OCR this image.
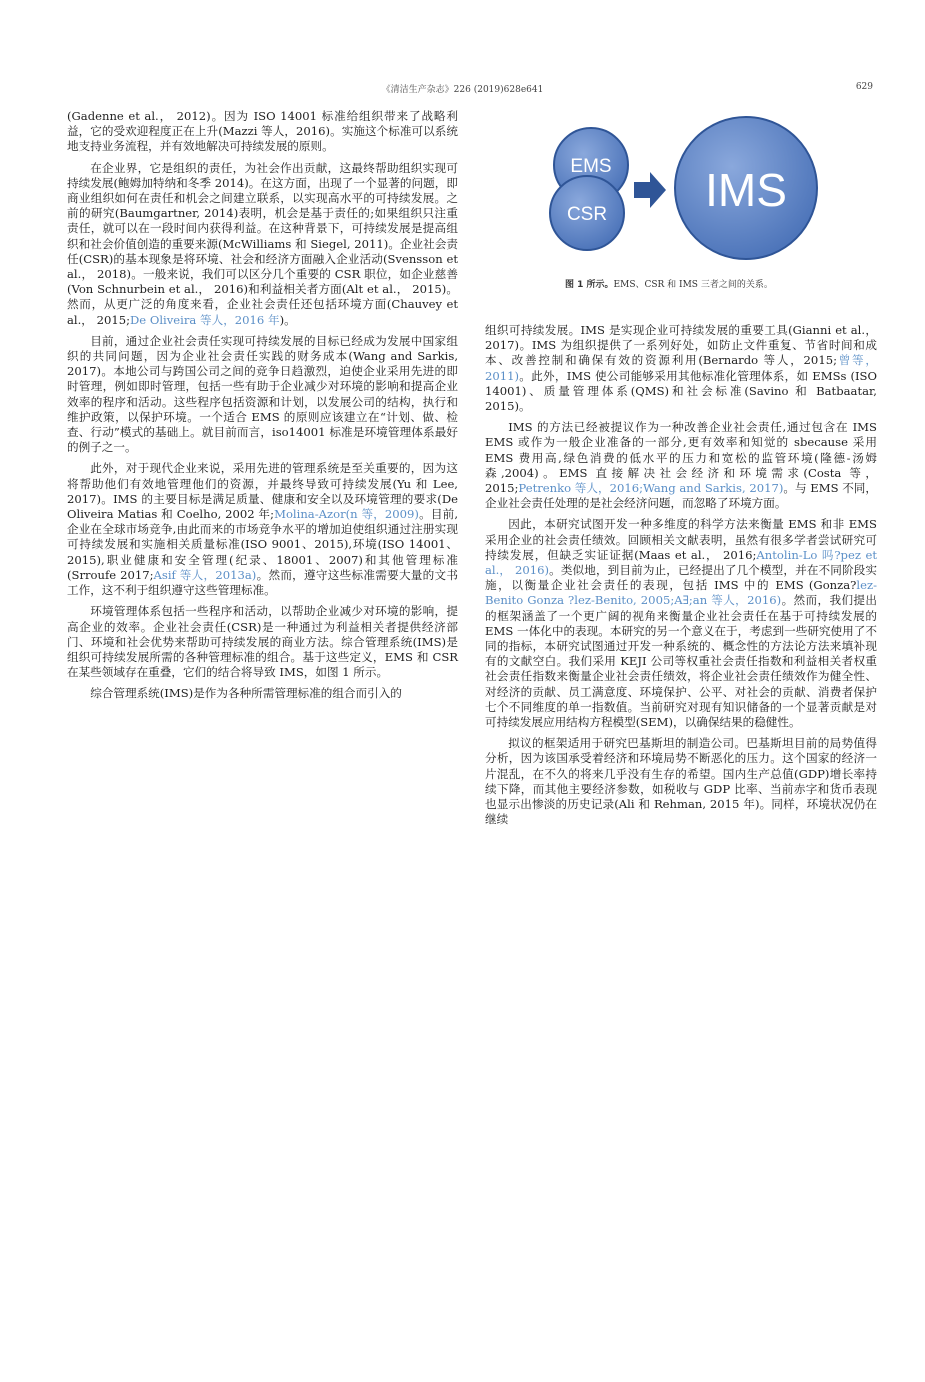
《清洁生产杂志》226 (2019)628e641	629

(Gadenne et al.， 2012)。因为 ISO 14001 标准给组织带来了战略利益，它的受欢迎程度正在上升(Mazzi 等人，2016)。实施这个标准可以系统地支持业务流程，并有效地解决可持续发展的原则。

在企业界，它是组织的责任，为社会作出贡献，这最终帮助组织实现可持续发展(鲍姆加特纳和冬季 2014)。在这方面，出现了一个显著的问题，即商业组织如何在责任和机会之间建立联系，以实现高水平的可持续发展。之前的研究(Baumgartner, 2014)表明，机会是基于责任的;如果组织只注重责任，就可以在一段时间内获得利益。在这种背景下，可持续发展是提高组织和社会价值创造的重要来源(McWilliams 和 Siegel, 2011)。企业社会责任(CSR)的基本现象是将环境、社会和经济方面融入企业活动(Svensson et al.， 2018)。一般来说，我们可以区分几个重要的 CSR 职位，如企业慈善(Von Schnurbein et al.， 2016)和利益相关者方面(Alt et al.， 2015)。然而，从更广泛的角度来看，企业社会责任还包括环境方面(Chauvey et al.， 2015;De Oliveira 等人，2016 年)。

目前，通过企业社会责任实现可持续发展的目标已经成为发展中国家组织的共同问题，因为企业社会责任实践的财务成本(Wang and Sarkis, 2017)。本地公司与跨国公司之间的竞争日趋激烈，迫使企业采用先进的即时管理，例如即时管理，包括一些有助于企业减少对环境的影响和提高企业效率的程序和活动。这些程序包括资源和计划，以发展公司的结构，执行和维护政策，以保护环境。一个适合 EMS 的原则应该建立在“计划、做、检查、行动”模式的基础上。就目前而言，iso14001 标准是环境管理体系最好的例子之一。

此外，对于现代企业来说，采用先进的管理系统是至关重要的，因为这将帮助他们有效地管理他们的资源，并最终导致可持续发展(Yu 和 Lee, 2017)。IMS 的主要目标是满足质量、健康和安全以及环境管理的要求(De Oliveira Matias 和 Coelho, 2002 年;Molina-Azor(n 等，2009)。目前,企业在全球市场竞争,由此而来的市场竞争水平的增加迫使组织通过注册实现可持续发展和实施相关质量标准(ISO 9001、2015),环境(ISO 14001、2015),职业健康和安全管理(纪录、18001、2007)和其他管理标准(Srroufe 2017;Asif 等人，2013a)。然而，遵守这些标准需要大量的文书工作，这不利于组织遵守这些管理标准。

环境管理体系包括一些程序和活动，以帮助企业减少对环境的影响，提高企业的效率。企业社会责任(CSR)是一种通过为利益相关者提供经济部门、环境和社会优势来帮助可持续发展的商业方法。综合管理系统(IMS)是组织可持续发展所需的各种管理标准的组合。基于这些定义，EMS 和 CSR 在某些领域存在重叠，它们的结合将导致 IMS，如图 1 所示。

综合管理系统(IMS)是作为各种所需管理标准的组合而引入的

EMS
CSR IMS
图 1 所示。EMS、CSR 和 IMS 三者之间的关系。

组织可持续发展。IMS 是实现企业可持续发展的重要工具(Gianni et al.， 2017)。IMS 为组织提供了一系列好处，如防止文件重复、节省时间和成本、改善控制和确保有效的资源利用(Bernardo 等人，2015;曾等，2011)。此外，IMS 使公司能够采用其他标准化管理体系，如 EMSs (ISO 14001)、质量管理体系(QMS)和社会标准(Savino 和 Batbaatar, 2015)。

IMS 的方法已经被提议作为一种改善企业社会责任,通过包含在 IMS EMS 或作为一般企业准备的一部分,更有效率和知觉的 sbecause 采用 EMS 费用高,绿色消费的低水平的压力和宽松的监管环境(隆德-汤姆森,2004)。EMS 直接解决社会经济和环境需求(Costa 等，2015;Petrenko 等人，2016;Wang and Sarkis, 2017)。与 EMS 不同，企业社会责任处理的是社会经济问题，而忽略了环境方面。

因此，本研究试图开发一种多维度的科学方法来衡量 EMS 和非 EMS 采用企业的社会责任绩效。回顾相关文献表明，虽然有很多学者尝试研究可持续发展，但缺乏实证证据(Maas et al.， 2016;Antolin-Lo 吗?pez et al.， 2016)。类似地，到目前为止，已经提出了几个模型，并在不同阶段实施，以衡量企业社会责任的表现，包括 IMS 中的 EMS (Gonza?lez-Benito Gonza ?lez-Benito, 2005;A∃;an 等人，2016)。然而，我们提出的框架涵盖了一个更广阔的视角来衡量企业社会责任在基于可持续发展的 EMS 一体化中的表现。本研究的另一个意义在于，考虑到一些研究使用了不同的指标，本研究试图通过开发一种系统的、概念性的方法论方法来填补现有的文献空白。我们采用 KEJI 公司等权重社会责任指数和利益相关者权重社会责任指数来衡量企业社会责任绩效，将企业社会责任绩效作为健全性、对经济的贡献、员工满意度、环境保护、公平、对社会的贡献、消费者保护七个不同维度的单一指数值。当前研究对现有知识储备的一个显著贡献是对可持续发展应用结构方程模型(SEM)，以确保结果的稳健性。

拟议的框架适用于研究巴基斯坦的制造公司。巴基斯坦目前的局势值得分析，因为该国承受着经济和环境局势不断恶化的压力。这个国家的经济一片混乱，在不久的将来几乎没有生存的希望。国内生产总值(GDP)增长率持续下降，而其他主要经济参数，如税收与 GDP 比率、当前赤字和货币表现也显示出惨淡的历史记录(Ali 和 Rehman, 2015 年)。同样，环境状况仍在继续
